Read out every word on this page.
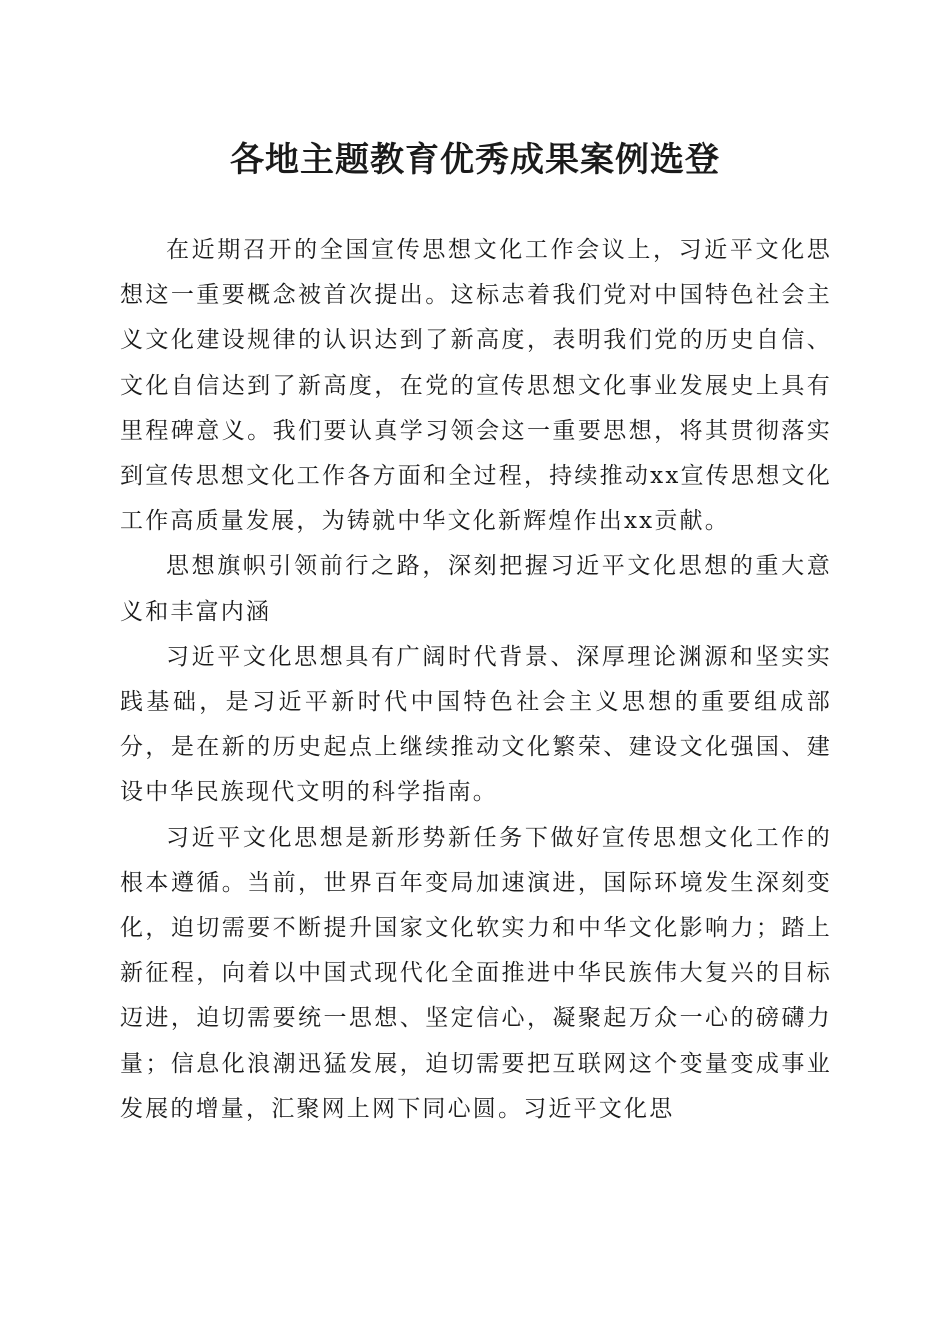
各地主题教育优秀成果案例选登

在近期召开的全国宣传思想文化工作会议上，习近平文化思想这一重要概念被首次提出。这标志着我们党对中国特色社会主义文化建设规律的认识达到了新高度，表明我们党的历史自信、文化自信达到了新高度，在党的宣传思想文化事业发展史上具有里程碑意义。我们要认真学习领会这一重要思想，将其贯彻落实到宣传思想文化工作各方面和全过程，持续推动xx宣传思想文化工作高质量发展，为铸就中华文化新辉煌作出xx贡献。

思想旗帜引领前行之路，深刻把握习近平文化思想的重大意义和丰富内涵

习近平文化思想具有广阔时代背景、深厚理论渊源和坚实实践基础，是习近平新时代中国特色社会主义思想的重要组成部分，是在新的历史起点上继续推动文化繁荣、建设文化强国、建设中华民族现代文明的科学指南。

习近平文化思想是新形势新任务下做好宣传思想文化工作的根本遵循。当前，世界百年变局加速演进，国际环境发生深刻变化，迫切需要不断提升国家文化软实力和中华文化影响力；踏上新征程，向着以中国式现代化全面推进中华民族伟大复兴的目标迈进，迫切需要统一思想、坚定信心，凝聚起万众一心的磅礴力量；信息化浪潮迅猛发展，迫切需要把互联网这个变量变成事业发展的增量，汇聚网上网下同心圆。习近平文化思
